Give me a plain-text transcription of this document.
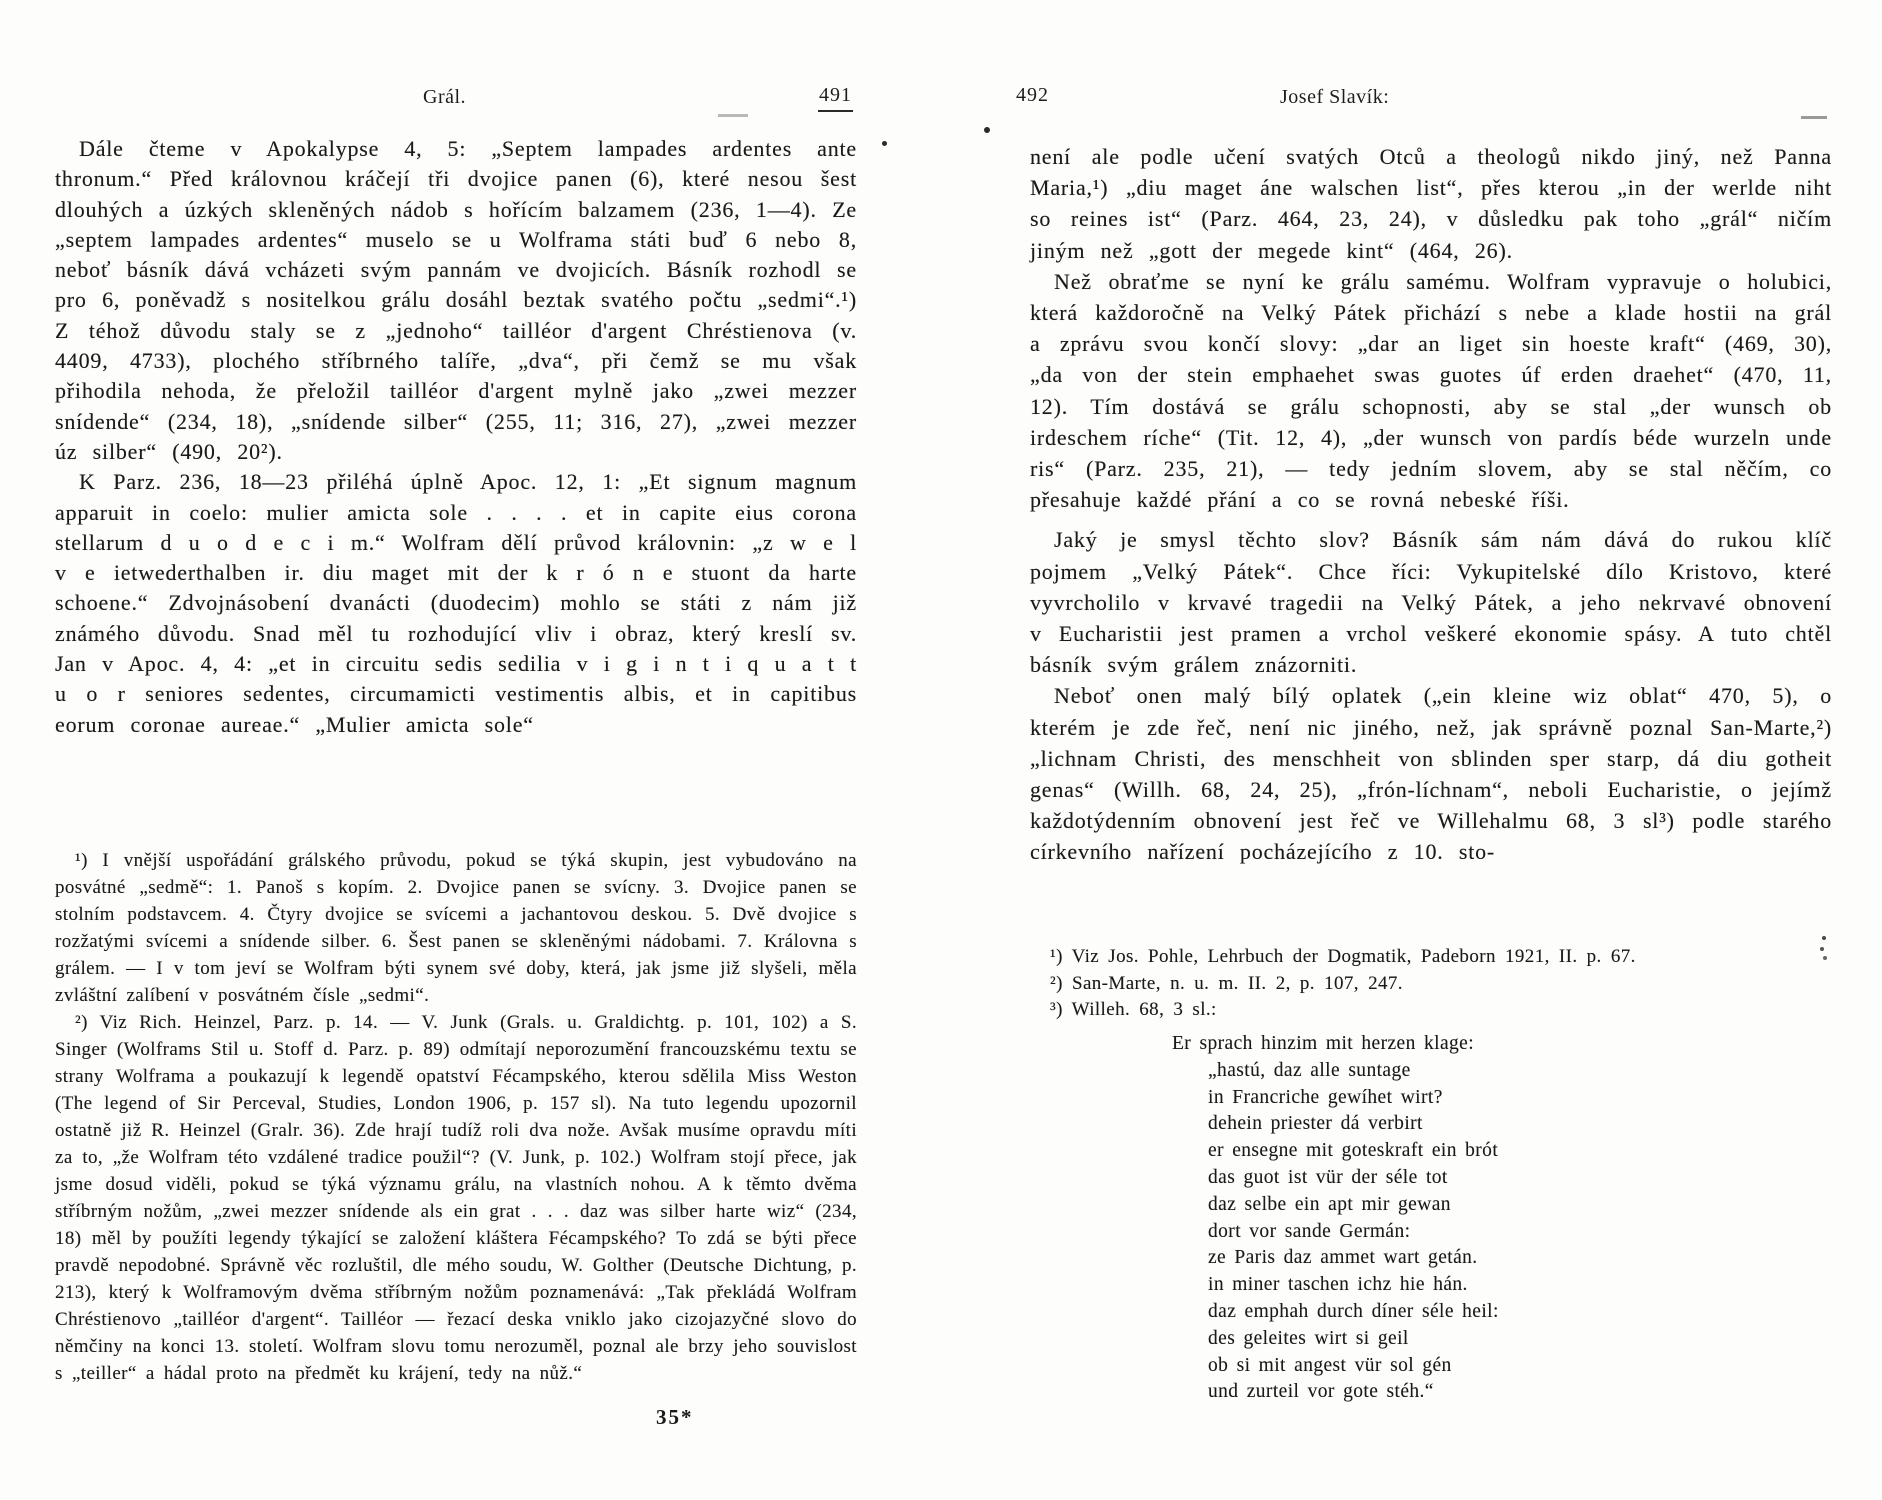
Grál.	491

Dále čteme v Apokalypse 4, 5: „Septem lampades ardentes ante thronum.“ Před královnou kráčejí tři dvojice panen (6), které nesou šest dlouhých a úzkých skleněných nádob s hořícím balzamem (236, 1—4). Ze „septem lampades ardentes“ muselo se u Wolframa státi buď 6 nebo 8, neboť básník dává vcházeti svým pannám ve dvojicích. Básník rozhodl se pro 6, poněvadž s nositelkou grálu dosáhl beztak svatého počtu „sedmi“.¹) Z téhož důvodu staly se z „jednoho“ tailléor d'argent Chréstienova (v. 4409, 4733), plochého stříbrného talíře, „dva“, při čemž se mu však přihodila nehoda, že přeložil tailléor d'argent mylně jako „zwei mezzer snídende“ (234, 18), „snídende silber“ (255, 11; 316, 27), „zwei mezzer úz silber“ (490, 20²).

K Parz. 236, 18—23 přiléhá úplně Apoc. 12, 1: „Et signum magnum apparuit in coelo: mulier amicta sole . . . . et in capite eius corona stellarum d u o d e c i m.“ Wolfram dělí průvod královnin: „z w e l v e ietwederthalben ir. diu maget mit der k r ó n e stuont da harte schoene.“ Zdvojnásobení dvanácti (duodecim) mohlo se státi z nám již známého důvodu. Snad měl tu rozhodující vliv i obraz, který kreslí sv. Jan v Apoc. 4, 4: „et in circuitu sedis sedilia v i g i n t i q u a t t u o r seniores sedentes, circumamicti vestimentis albis, et in capitibus eorum coronae aureae.“ „Mulier amicta sole“

¹) I vnější uspořádání grálského průvodu, pokud se týká skupin, jest vybudováno na posvátné „sedmě“: 1. Panoš s kopím. 2. Dvojice panen se svícny. 3. Dvojice panen se stolním podstavcem. 4. Čtyry dvojice se svícemi a jachantovou deskou. 5. Dvě dvojice s rozžatými svícemi a snídende silber. 6. Šest panen se skleněnými nádobami. 7. Královna s grálem. — I v tom jeví se Wolfram býti synem své doby, která, jak jsme již slyšeli, měla zvláštní zalíbení v posvátném čísle „sedmi“.

²) Viz Rich. Heinzel, Parz. p. 14. — V. Junk (Grals. u. Graldichtg. p. 101, 102) a S. Singer (Wolframs Stil u. Stoff d. Parz. p. 89) odmítají neporozumění francouzskému textu se strany Wolframa a poukazují k legendě opatství Fécampského, kterou sdělila Miss Weston (The legend of Sir Perceval, Studies, London 1906, p. 157 sl). Na tuto legendu upozornil ostatně již R. Heinzel (Gralr. 36). Zde hrají tudíž roli dva nože. Avšak musíme opravdu míti za to, „že Wolfram této vzdálené tradice použil“? (V. Junk, p. 102.) Wolfram stojí přece, jak jsme dosud viděli, pokud se týká významu grálu, na vlastních nohou. A k těmto dvěma stříbrným nožům, „zwei mezzer snídende als ein grat . . . daz was silber harte wiz“ (234, 18) měl by použíti legendy týkající se založení kláštera Fécampského? To zdá se býti přece pravdě nepodobné. Správně věc rozluštil, dle mého soudu, W. Golther (Deutsche Dichtung, p. 213), který k Wolframovým dvěma stříbrným nožům poznamenává: „Tak překládá Wolfram Chréstienovo „tailléor d'argent“. Tailléor — řezací deska vniklo jako cizojazyčné slovo do němčiny na konci 13. století. Wolfram slovu tomu nerozuměl, poznal ale brzy jeho souvislost s „teiller“ a hádal proto na předmět ku krájení, tedy na nůž.“

35*
492	Josef Slavík:

není ale podle učení svatých Otců a theologů nikdo jiný, než Panna Maria,¹) „diu maget áne walschen list“, přes kterou „in der werlde niht so reines ist“ (Parz. 464, 23, 24), v důsledku pak toho „grál“ ničím jiným než „gott der megede kint“ (464, 26).

Než obraťme se nyní ke grálu samému. Wolfram vypravuje o holubici, která každoročně na Velký Pátek přichází s nebe a klade hostii na grál a zprávu svou končí slovy: „dar an liget sin hoeste kraft“ (469, 30), „da von der stein emphaehet swas guotes úf erden draehet“ (470, 11, 12). Tím dostává se grálu schopnosti, aby se stal „der wunsch ob irdeschem ríche“ (Tit. 12, 4), „der wunsch von pardís béde wurzeln unde ris“ (Parz. 235, 21), — tedy jedním slovem, aby se stal něčím, co přesahuje každé přání a co se rovná nebeské říši.

Jaký je smysl těchto slov? Básník sám nám dává do rukou klíč pojmem „Velký Pátek“. Chce říci: Vykupitelské dílo Kristovo, které vyvrcholilo v krvavé tragedii na Velký Pátek, a jeho nekrvavé obnovení v Eucharistii jest pramen a vrchol veškeré ekonomie spásy. A tuto chtěl básník svým grálem znázorniti.

Neboť onen malý bílý oplatek („ein kleine wiz oblat“ 470, 5), o kterém je zde řeč, není nic jiného, než, jak správně poznal San-Marte,²) „lichnam Christi, des menschheit von sblinden sper starp, dá diu gotheit genas“ (Willh. 68, 24, 25), „frón-líchnam“, neboli Eucharistie, o jejímž každotýdenním obnovení jest řeč ve Willehalmu 68, 3 sl³) podle starého církevního nařízení pocházejícího z 10. sto-

¹) Viz Jos. Pohle, Lehrbuch der Dogmatik, Padeborn 1921, II. p. 67.

²) San-Marte, n. u. m. II. 2, p. 107, 247.

³) Willeh. 68, 3 sl.:

Er sprach hinzim mit herzen klage:
„hastú, daz alle suntage
in Francriche gewíhet wirt?
dehein priester dá verbirt
er ensegne mit goteskraft ein brót
das guot ist vür der séle tot
daz selbe ein apt mir gewan
dort vor sande Germán:
ze Paris daz ammet wart getán.
in miner taschen ichz hie hán.
daz emphah durch díner séle heil:
des geleites wirt si geil
ob si mit angest vür sol gén
und zurteil vor gote stéh.“
